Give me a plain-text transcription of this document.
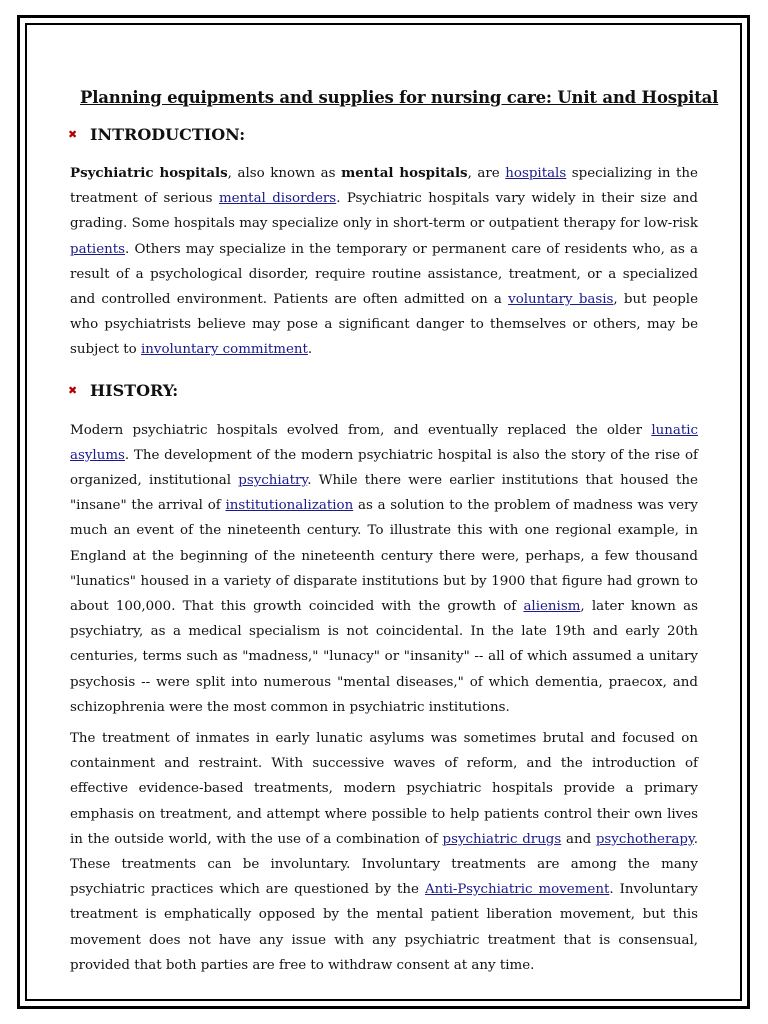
Planning equipments and supplies for nursing care: Unit and Hospital
✖ INTRODUCTION:

Psychiatric hospitals, also known as mental hospitals, are hospitals specializing in the treatment of serious mental disorders. Psychiatric hospitals vary widely in their size and grading. Some hospitals may specialize only in short-term or outpatient therapy for low-risk patients. Others may specialize in the temporary or permanent care of residents who, as a result of a psychological disorder, require routine assistance, treatment, or a specialized and controlled environment. Patients are often admitted on a voluntary basis, but people who psychiatrists believe may pose a significant danger to themselves or others, may be subject to involuntary commitment.

✖ HISTORY:

Modern psychiatric hospitals evolved from, and eventually replaced the older lunatic asylums. The development of the modern psychiatric hospital is also the story of the rise of organized, institutional psychiatry. While there were earlier institutions that housed the "insane" the arrival of institutionalization as a solution to the problem of madness was very much an event of the nineteenth century. To illustrate this with one regional example, in England at the beginning of the nineteenth century there were, perhaps, a few thousand "lunatics" housed in a variety of disparate institutions but by 1900 that figure had grown to about 100,000. That this growth coincided with the growth of alienism, later known as psychiatry, as a medical specialism is not coincidental. In the late 19th and early 20th centuries, terms such as "madness," "lunacy" or "insanity" -- all of which assumed a unitary psychosis -- were split into numerous "mental diseases," of which dementia, praecox, and schizophrenia were the most common in psychiatric institutions.

The treatment of inmates in early lunatic asylums was sometimes brutal and focused on containment and restraint. With successive waves of reform, and the introduction of effective evidence-based treatments, modern psychiatric hospitals provide a primary emphasis on treatment, and attempt where possible to help patients control their own lives in the outside world, with the use of a combination of psychiatric drugs and psychotherapy. These treatments can be involuntary. Involuntary treatments are among the many psychiatric practices which are questioned by the Anti-Psychiatric movement. Involuntary treatment is emphatically opposed by the mental patient liberation movement, but this movement does not have any issue with any psychiatric treatment that is consensual, provided that both parties are free to withdraw consent at any time.
